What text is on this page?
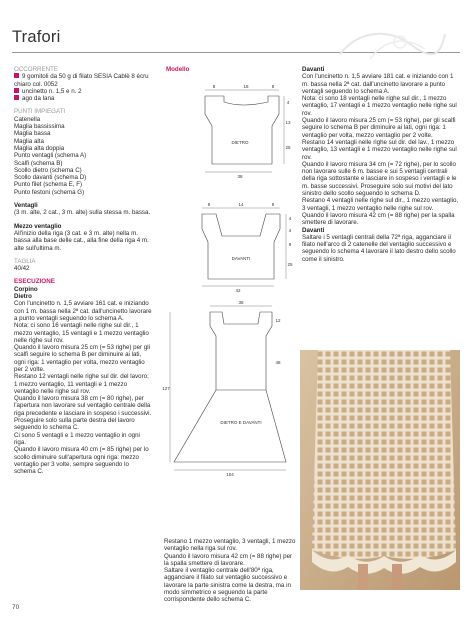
Trafori

OCCORRENTE

9 gomitoli da 50 g di filato SESIA Cablè 8 écru chiaro col. 0052

uncinetto n. 1,5 e n. 2

ago da lana

PUNTI IMPIEGATI

Catenella

Maglia bassissima

Maglia bassa

Maglia alta

Maglia alta doppia

Punto ventagli (schema A)

Scalfi (schema B)

Scollo dietro (schema C)

Scollo davanti (schema D)

Punto filet (schema E, F)

Punto festoni (schema G)

Ventagli

(3 m. alte, 2 cat., 3 m. alte) sulla stessa m. bassa.

Mezzo ventaglio

All'inizio della riga (3 cat. e 3 m. alte) nella m. bassa alla base delle cat., alla fine della riga 4 m. alte sull'ultima m.

TAGLIA

40/42

ESECUZIONE

Corpino

Dietro

Con l'uncinetto n. 1,5 avviare 161 cat. e iniziando con 1 m. bassa nella 2ª cat. dall'uncinetto lavorare a punto ventagli seguendo lo schema A.

Nota: ci sono 16 ventagli nelle righe sul dir., 1 mezzo ventaglio, 15 ventagli e 1 mezzo ventaglio nelle righe sul rov.

Quando il lavoro misura 25 cm (= 53 righe) per gli scalfi seguire lo schema B per diminuire ai lati, ogni riga: 1 ventaglio per volta, mezzo ventaglio per 2 volte.

Restano 12 ventagli nelle righe sul dir. del lavoro; 1 mezzo ventaglio, 11 ventagli e 1 mezzo ventaglio nelle righe sul rov.

Quando il lavoro misura 38 cm (= 80 righe), per l'apertura non lavorare sul ventaglio centrale della riga precedente e lasciare in sospeso i successivi.

Proseguire solo sulla parte destra del lavoro seguendo lo schema C.

Ci sono 5 ventagli e 1 mezzo ventaglio in ogni riga.

Quando il lavoro misura 40 cm (= 85 righe) per lo scollo diminuire sull'apertura ogni riga: mezzo ventaglio per 3 volte, sempre seguendo lo schema C.

Modello
8	18	8
38
4
13
25
DIETRO
8	14	8
42
4
4
9
25
DAVANTI
38
12
48
104
127
DIETRO E DAVANTI

Restano 1 mezzo ventaglio, 3 ventagli, 1 mezzo ventaglio nella riga sul rov.

Quando il lavoro misura 42 cm (= 88 righe) per la spalla smettere di lavorare.

Saltare il ventaglio centrale dell'80ª riga, agganciare il filato sul ventaglio successivo e lavorare la parte sinistra come la destra, ma in modo simmetrico e seguendo la parte corrispondente dello schema C.

Davanti

Con l'uncinetto n. 1,5 avviare 181 cat. e iniziando con 1 m. bassa nella 2ª cat. dall'uncinetto lavorare a punto ventagli seguendo lo schema A.

Nota: ci sono 18 ventagli nelle righe sul dir., 1 mezzo ventaglio, 17 ventagli e 1 mezzo ventaglio nelle righe sul rov.

Quando il lavoro misura 25 cm (= 53 righe), per gli scalfi seguire lo schema B per diminuire ai lati, ogni riga: 1 ventaglio per volta, mezzo ventaglio per 2 volte.

Restano 14 ventagli nelle righe sul dir. del lav., 1 mezzo ventaglio, 13 ventagli e 1 mezzo ventaglio nelle righe sul rov.

Quando il lavoro misura 34 cm (= 72 righe), per lo scollo non lavorare sulle 6 m. basse e sui 5 ventagli centrali della riga sottostante e lasciare in sospeso i ventagli e le m. basse successivi. Proseguire solo sui motivi del lato sinistro dello scollo seguendo lo schema D.

Restano 4 ventagli nelle righe sul dir., 1 mezzo ventaglio, 3 ventagli, 1 mezzo ventaglio nelle righe sul rov.

Quando il lavoro misura 42 cm (= 88 righe) per la spalla smettere di lavorare.

Davanti

Saltare i 5 ventagli centrali della 72ª riga, agganciare il filato nell'arco di 2 catenelle del ventaglio successivo e seguendo lo schema 4 lavorare il lato destro dello scollo come il sinistro.

70
